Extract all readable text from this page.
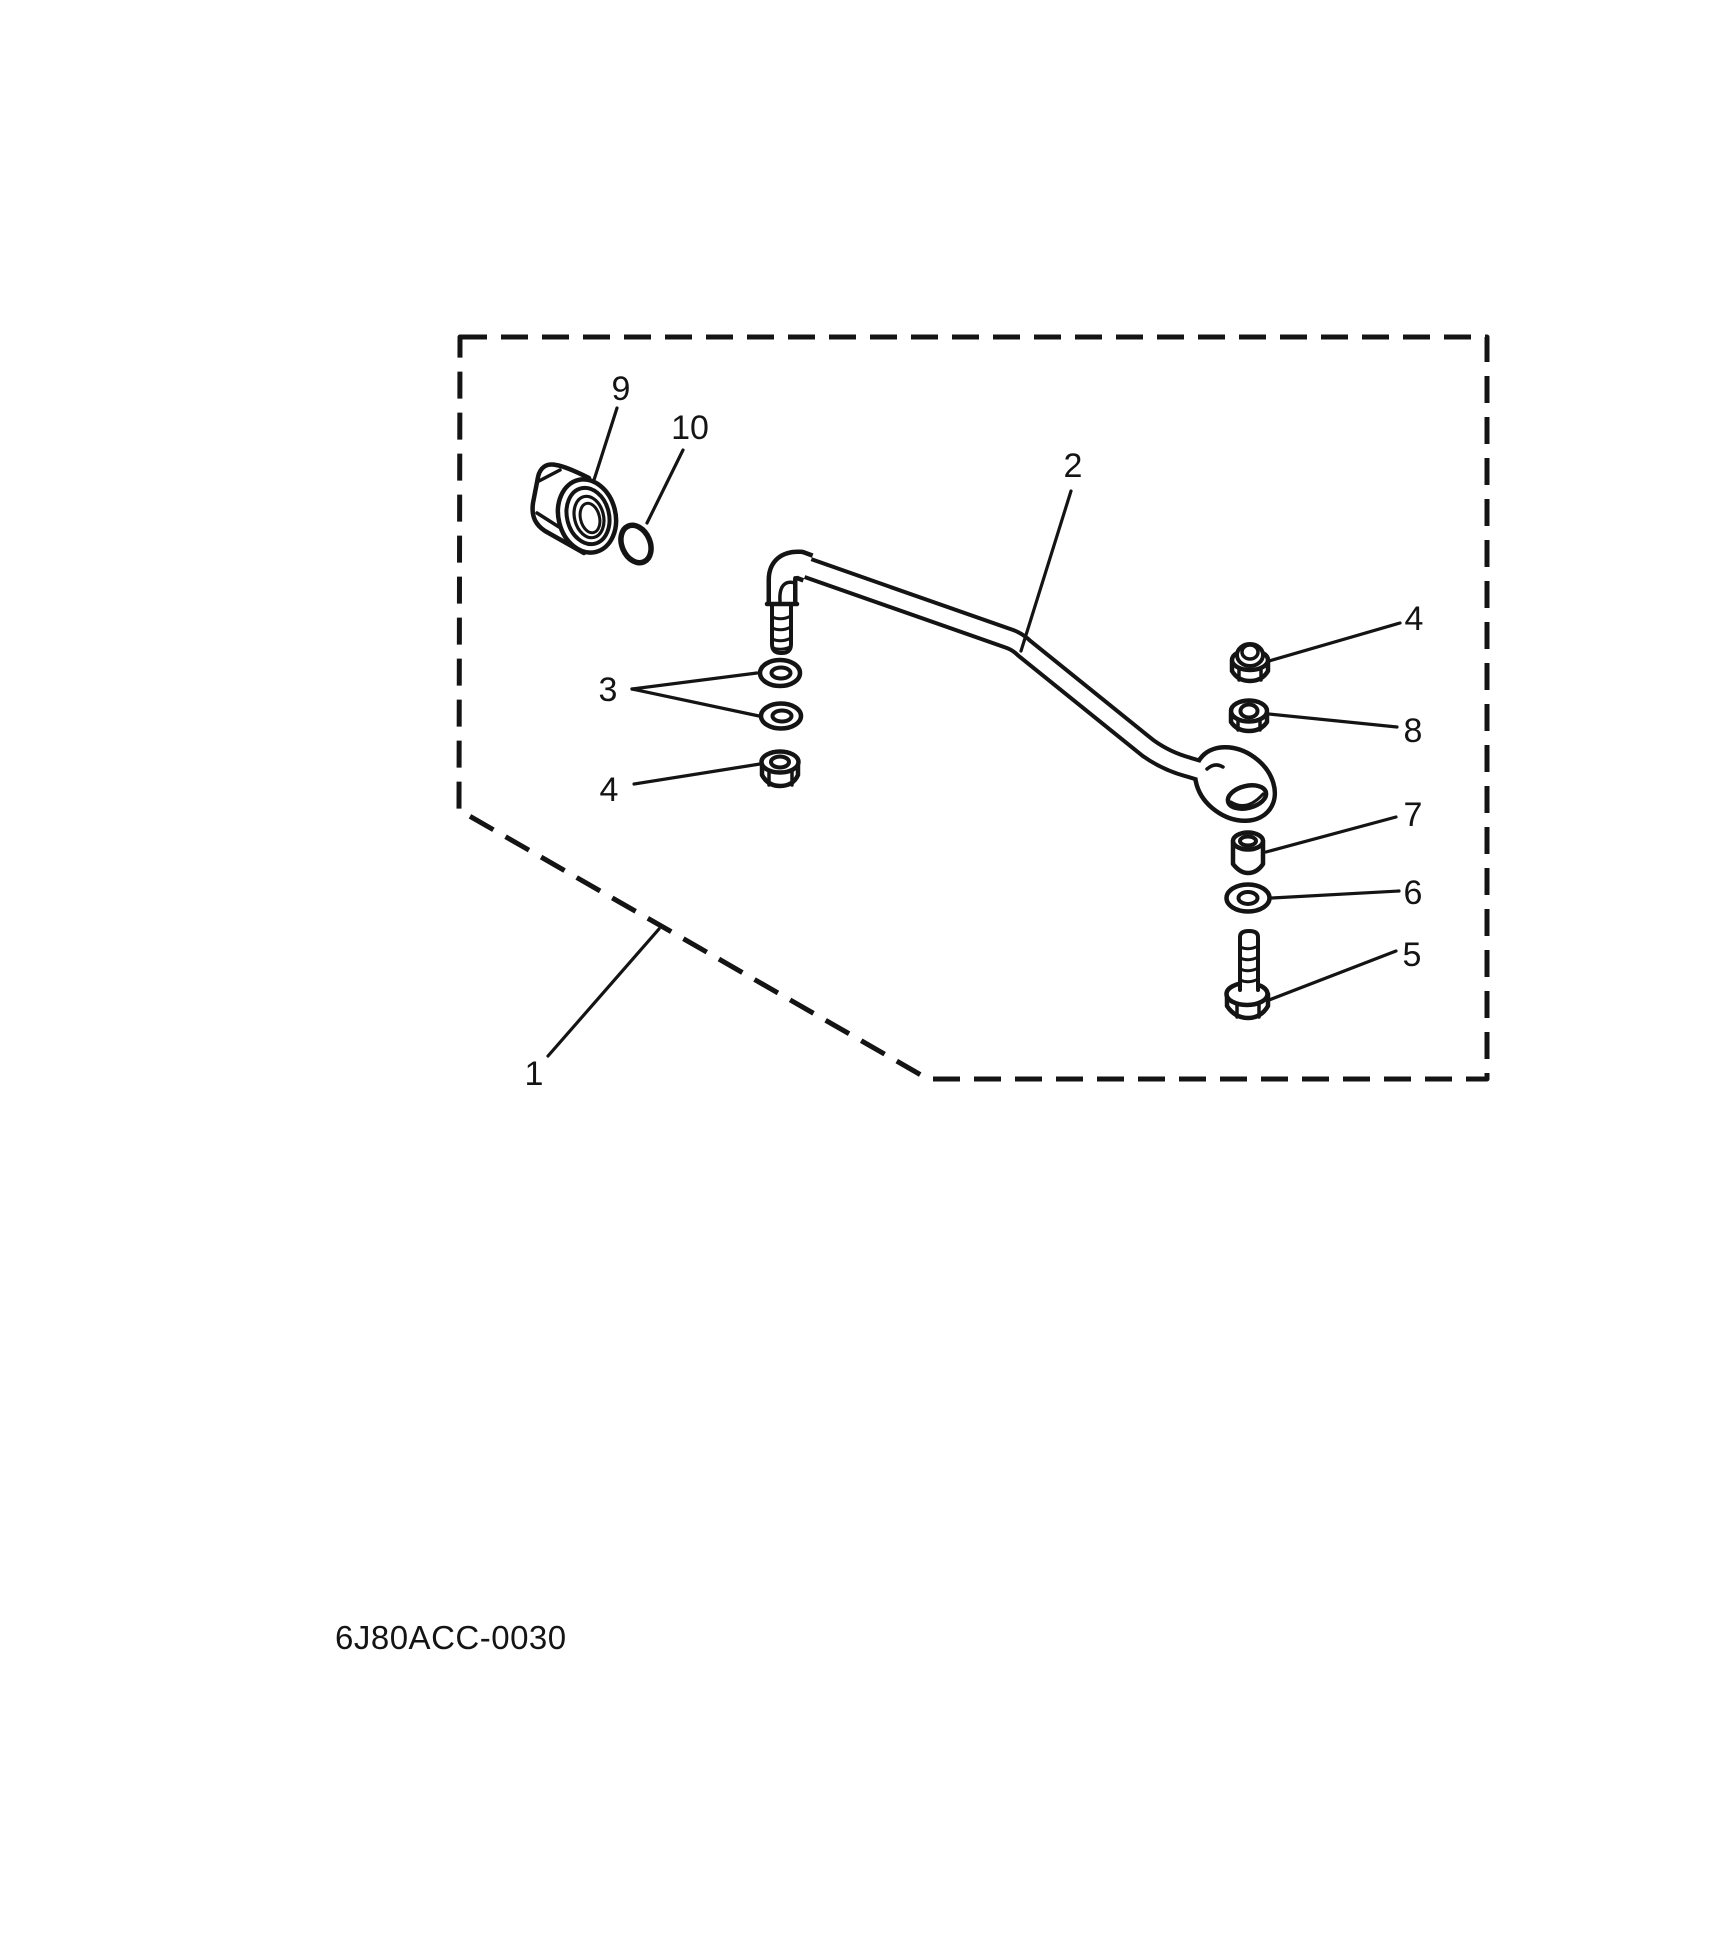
9
10
2
3
4
1
4
8
7
6
5
6J80ACC-0030
